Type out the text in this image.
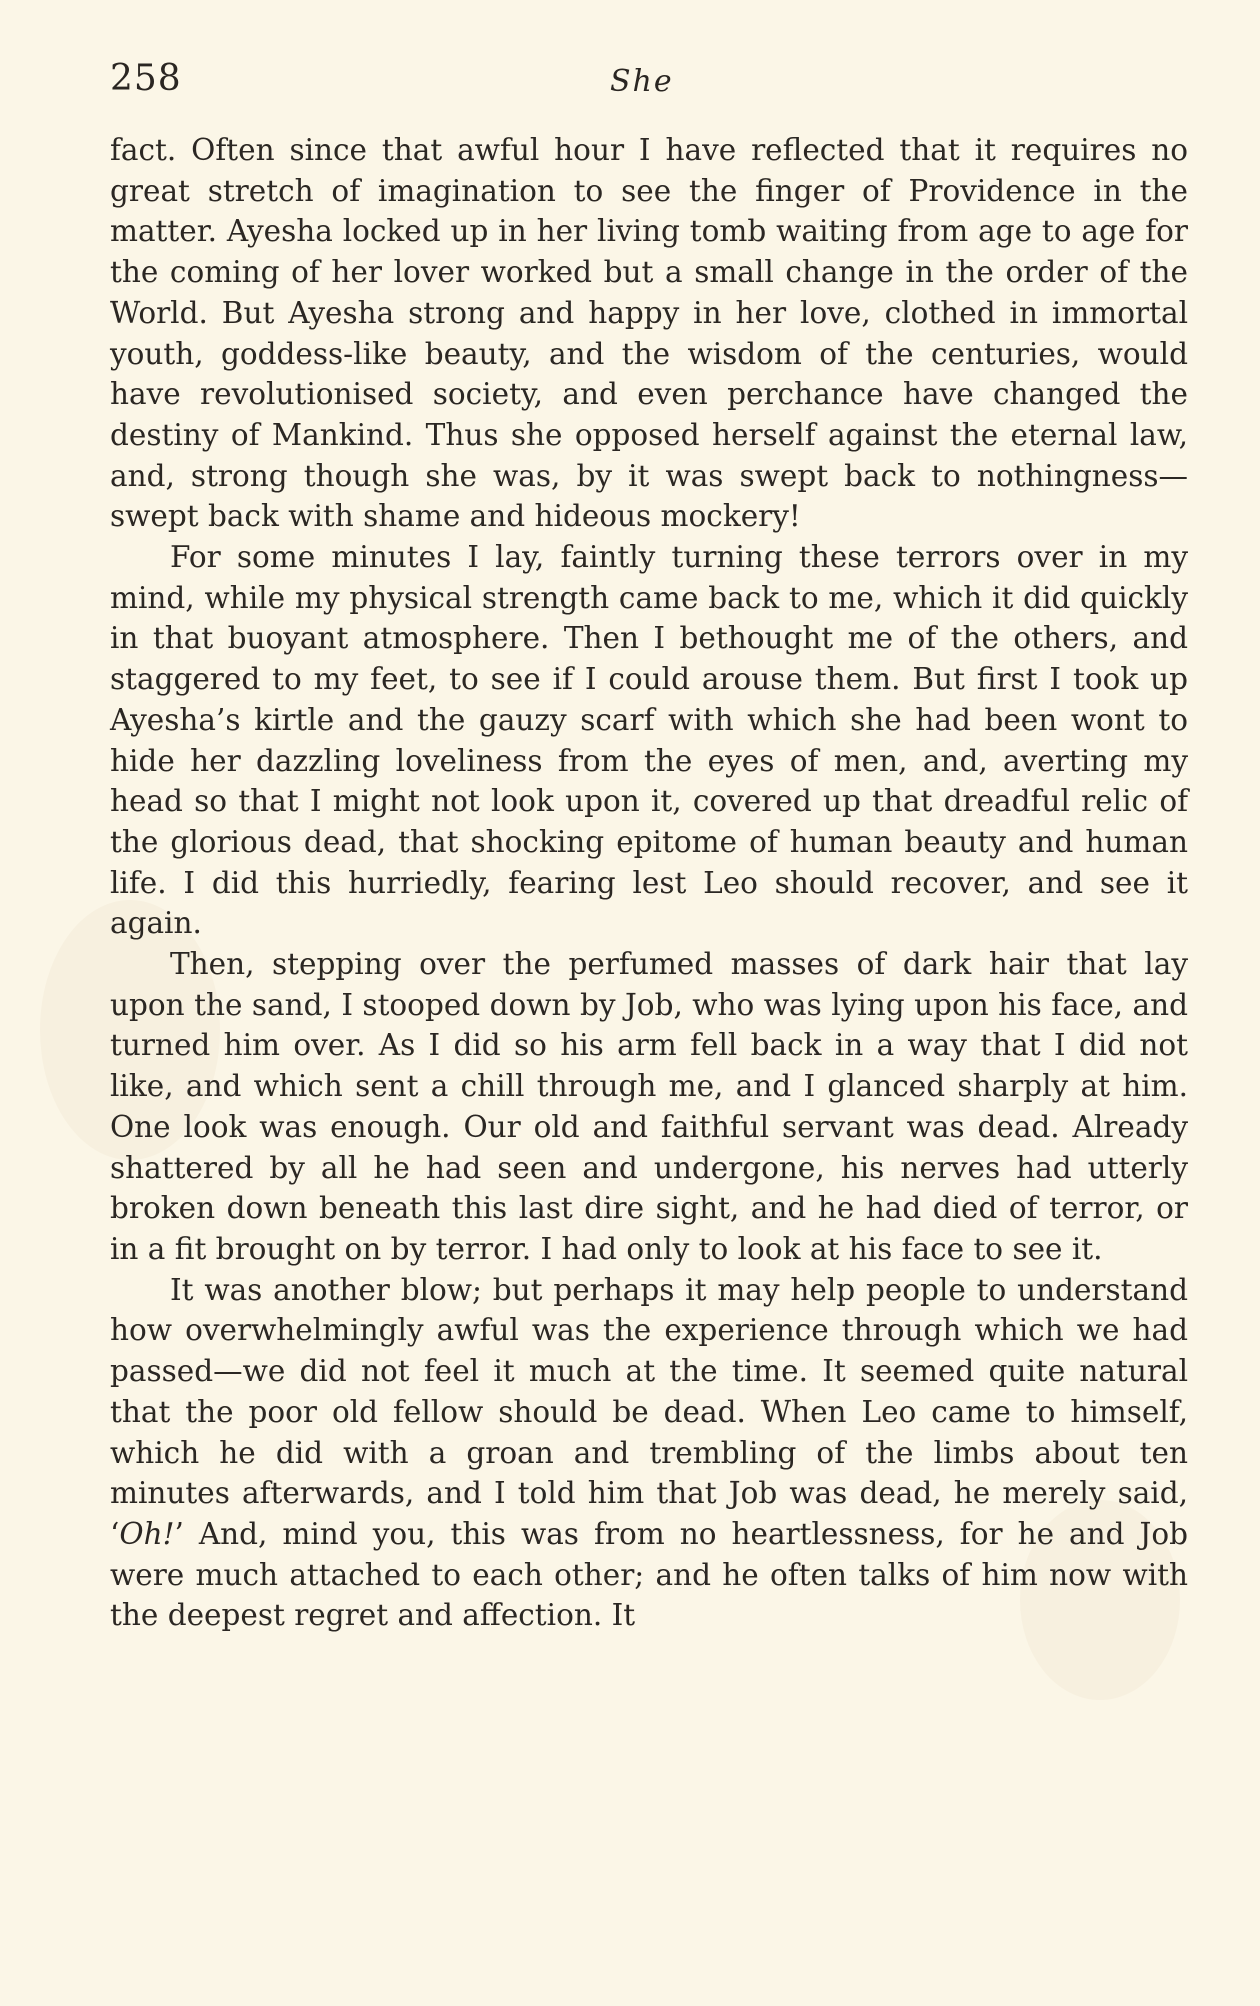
258	She

fact. Often since that awful hour I have reflected that it requires no great stretch of imagination to see the finger of Providence in the matter. Ayesha locked up in her living tomb waiting from age to age for the coming of her lover worked but a small change in the order of the World. But Ayesha strong and happy in her love, clothed in immortal youth, goddess-like beauty, and the wisdom of the centuries, would have revolutionised society, and even perchance have changed the destiny of Mankind. Thus she opposed herself against the eternal law, and, strong though she was, by it was swept back to nothingness—swept back with shame and hideous mockery!

For some minutes I lay, faintly turning these terrors over in my mind, while my physical strength came back to me, which it did quickly in that buoyant atmosphere. Then I bethought me of the others, and staggered to my feet, to see if I could arouse them. But first I took up Ayesha’s kirtle and the gauzy scarf with which she had been wont to hide her dazzling loveliness from the eyes of men, and, averting my head so that I might not look upon it, covered up that dreadful relic of the glorious dead, that shocking epitome of human beauty and human life. I did this hurriedly, fearing lest Leo should recover, and see it again.

Then, stepping over the perfumed masses of dark hair that lay upon the sand, I stooped down by Job, who was lying upon his face, and turned him over. As I did so his arm fell back in a way that I did not like, and which sent a chill through me, and I glanced sharply at him. One look was enough. Our old and faithful servant was dead. Already shattered by all he had seen and undergone, his nerves had utterly broken down beneath this last dire sight, and he had died of terror, or in a fit brought on by terror. I had only to look at his face to see it.

It was another blow; but perhaps it may help people to understand how overwhelmingly awful was the experience through which we had passed—we did not feel it much at the time. It seemed quite natural that the poor old fellow should be dead. When Leo came to himself, which he did with a groan and trembling of the limbs about ten minutes afterwards, and I told him that Job was dead, he merely said, ‘Oh!’ And, mind you, this was from no heartlessness, for he and Job were much attached to each other; and he often talks of him now with the deepest regret and affection. It
